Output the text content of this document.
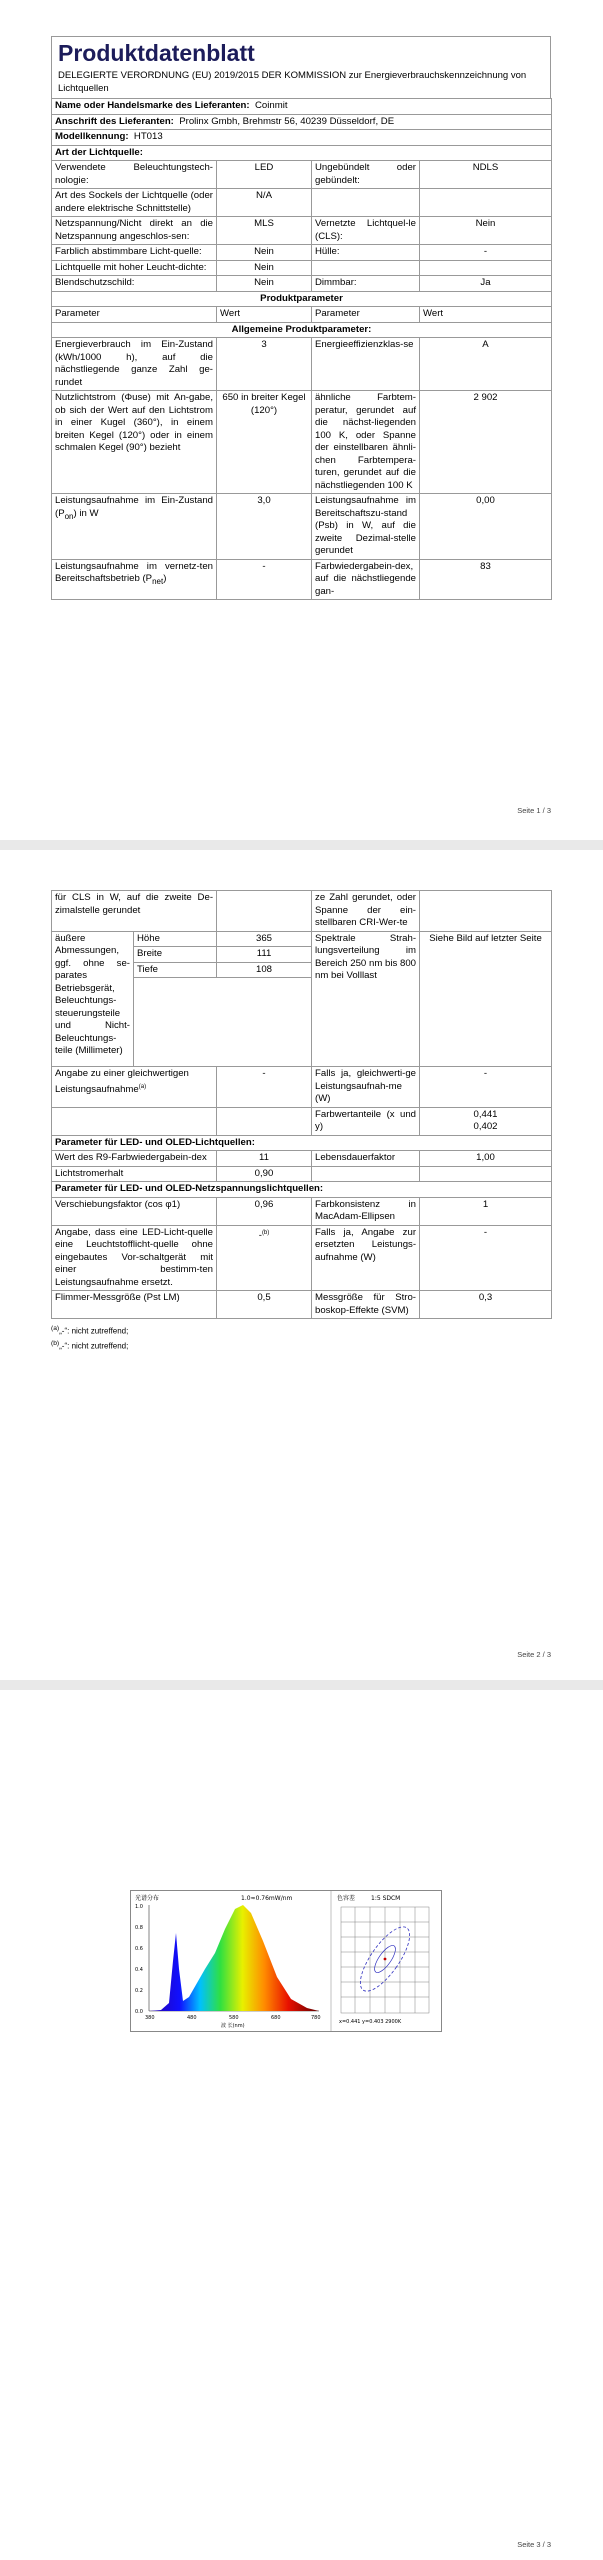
Produktdatenblatt
DELEGIERTE VERORDNUNG (EU) 2019/2015 DER KOMMISSION zur Energieverbrauchskennzeichnung von Lichtquellen
Name oder Handelsmarke des Lieferanten: Coinmit			
Anschrift des Lieferanten: Prolinx Gmbh, Brehmstr 56, 40239 Düsseldorf, DE			
Modellkennung: HT013			
Art der Lichtquelle:			
Verwendete Beleuchtungstech-nologie:	LED	Ungebündelt oder gebündelt:	NDLS
Art des Sockels der Lichtquelle (oder andere elektrische Schnittstelle)	N/A		
Netzspannung/Nicht direkt an die Netzspannung angeschlos-sen:	MLS	Vernetzte Lichtquel-le (CLS):	Nein
Farblich abstimmbare Licht-quelle:	Nein	Hülle:	-
Lichtquelle mit hoher Leucht-dichte:	Nein		
Blendschutzschild:	Nein	Dimmbar:	Ja
Produktparameter			
Parameter	Wert	Parameter	Wert
Allgemeine Produktparameter:			
Energieverbrauch im Ein-Zustand (kWh/1000 h), auf die nächstliegende ganze Zahl ge-rundet	3	Energieeffizienzklas-se	A
Nutzlichtstrom (Φuse) mit An-gabe, ob sich der Wert auf den Lichtstrom in einer Kugel (360°), in einem breiten Kegel (120°) oder in einem schmalen Kegel (90°) bezieht	650 in breiter Kegel (120°)	ähnliche Farbtem-peratur, gerundet auf die nächst-liegenden 100 K, oder Spanne der einstellbaren ähnli-chen Farbtempera-turen, gerundet auf die nächstliegenden 100 K	2 902
Leistungsaufnahme im Ein-Zustand $(P_{on})$ in W	3,0	Leistungsaufnahme im Bereitschaftszu-stand (Psb) in W, auf die zweite Dezimal-stelle gerundet	0,00
Leistungsaufnahme im vernetz-ten Bereitschaftsbetrieb $(P_{net})$	-	Farbwiedergabein-dex, auf die nächstliegende gan-	83
Seite 1 / 3
für CLS in W, auf die zweite De-zimalstelle gerundet			ze Zahl gerundet, oder Spanne der ein-stellbaren CRI-Wer-te	
äußere Abmessungen, ggf. ohne se-parates Betriebsgerät, Beleuchtungs-steuerungsteile und Nicht-Beleuchtungs-teile (Millimeter)	Höhe	365	Spektrale Strah-lungsverteilung im Bereich 250 nm bis 800 nm bei Volllast	Siehe Bild auf letzter Seite
	Breite	111		
	Tiefe	108		

Angabe zu einer gleichwertigen Leistungsaufnahme$^{(a)}$		-	Falls ja, gleichwerti-ge Leistungsaufnah-me (W)	-
			Farbwertanteile (x und y)	0,441
0,402

Parameter für LED- und OLED-Lichtquellen:				
Wert des R9-Farbwiedergabein-dex		11	Lebensdauerfaktor	1,00
Lichtstromerhalt		0,90		
Parameter für LED- und OLED-Netzspannungslichtquellen:				
Verschiebungsfaktor (cos φ1)		0,96	Farbkonsistenz in MacAdam-Ellipsen	1
Angabe, dass eine LED-Licht-quelle eine Leuchtstofflicht-quelle ohne eingebautes Vor-schaltgerät mit einer bestimm-ten Leistungsaufnahme ersetzt.		-$^{(b)}$	Falls ja, Angabe zur ersetzten Leistungs-aufnahme (W)	-
Flimmer-Messgröße (Pst LM)		0,5	Messgröße für Stro-boskop-Effekte (SVM)	0,3
$^{(a)}$„-“: nicht zutreffend;
$^{(b)}$„-“: nicht zutreffend;
Seite 2 / 3
光谱分布	1.0≈0.76mW/nm
1.0
0.8
0.6
0.4
0.2
0.0
380	480	580	680	780
波 长(nm)
色容差	1:5 SDCM
x=0.441 y=0.403 2900K
Seite 3 / 3
